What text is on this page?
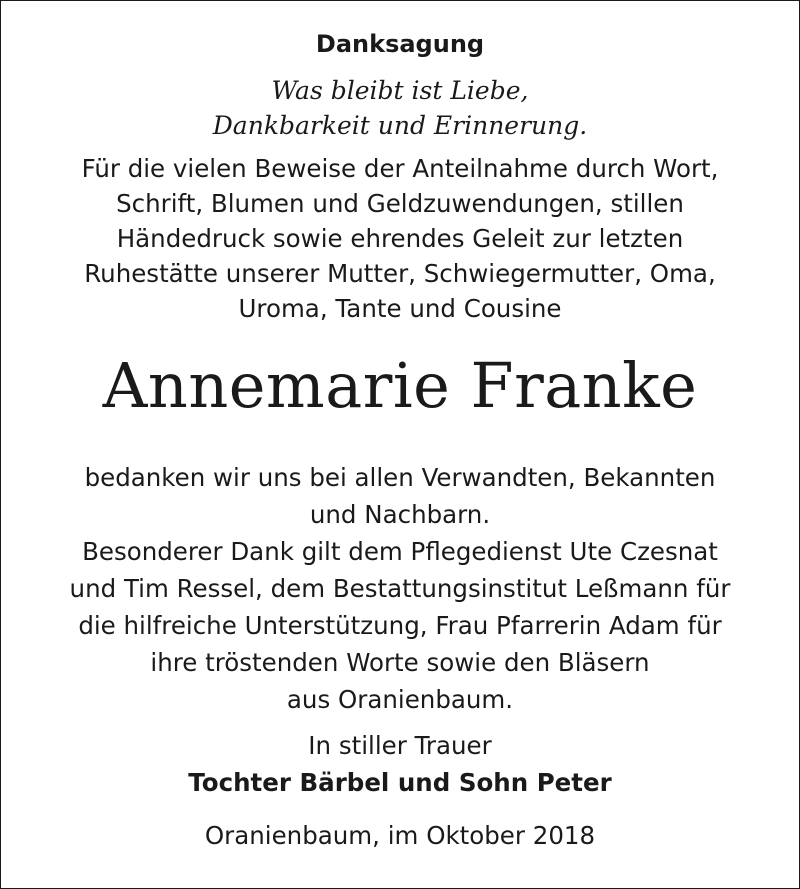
Danksagung
Was bleibt ist Liebe,
Dankbarkeit und Erinnerung.
Für die vielen Beweise der Anteilnahme durch Wort,
Schrift, Blumen und Geldzuwendungen, stillen
Händedruck sowie ehrendes Geleit zur letzten
Ruhestätte unserer Mutter, Schwiegermutter, Oma,
Uroma, Tante und Cousine
Annemarie Franke
bedanken wir uns bei allen Verwandten, Bekannten
und Nachbarn.
Besonderer Dank gilt dem Pflegedienst Ute Czesnat
und Tim Ressel, dem Bestattungsinstitut Leßmann für
die hilfreiche Unterstützung, Frau Pfarrerin Adam für
ihre tröstenden Worte sowie den Bläsern
aus Oranienbaum.
In stiller Trauer
Tochter Bärbel und Sohn Peter
Oranienbaum, im Oktober 2018
